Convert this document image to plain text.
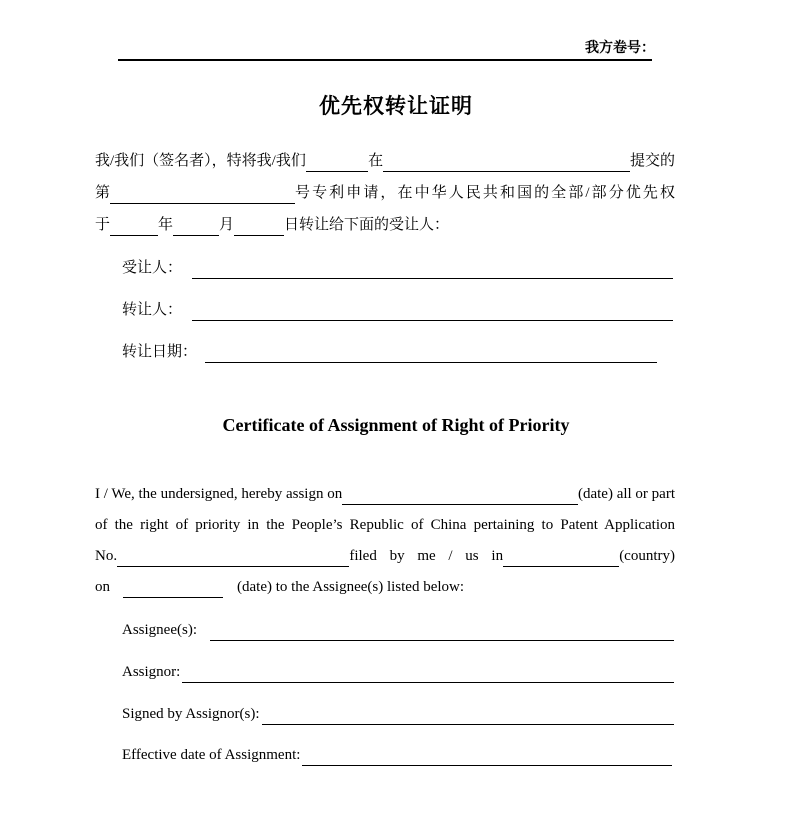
我方卷号：
优先权转让证明
我/我们（签名者），特将我/我们	在	提交的
第	号专利申请，在中华人民共和国的全部/部分优先权
于	年	月	日转让给下面的受让人：
受让人：
转让人：
转让日期：
Certificate of Assignment of Right of Priority
I / We, the undersigned, hereby assign on	(date) all or part
of the right of priority in the People’s Republic of China pertaining to Patent Application
No.	filed by me / us in	(country)
on	(date) to the Assignee(s) listed below:
Assignee(s):
Assignor:
Signed by Assignor(s):
Effective date of Assignment:
